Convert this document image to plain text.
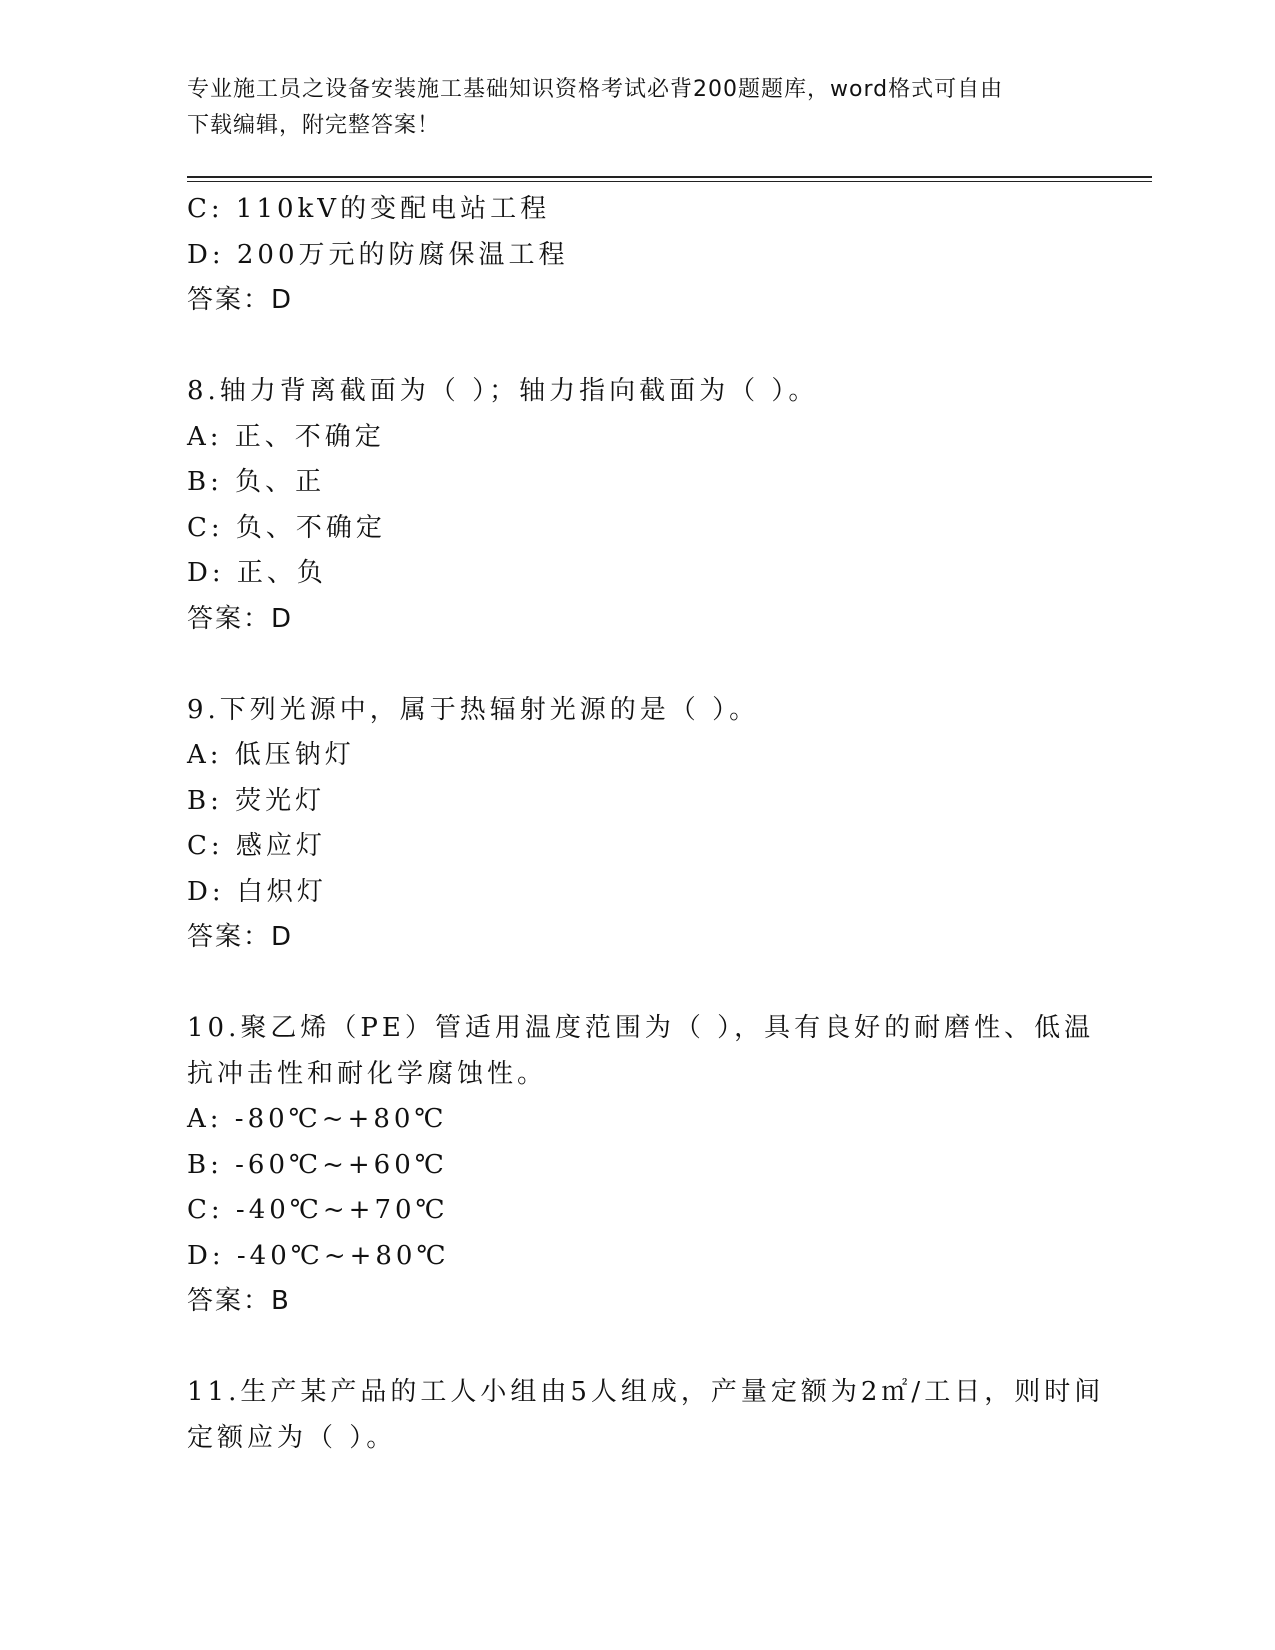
专业施工员之设备安装施工基础知识资格考试必背200题题库，word格式可自由
下载编辑，附完整答案！
C: 110kV的变配电站工程
D: 200万元的防腐保温工程
答案：D
8.轴力背离截面为（ ）；轴力指向截面为（ ）。
A: 正、不确定
B: 负、正
C: 负、不确定
D: 正、负
答案：D
9.下列光源中，属于热辐射光源的是（ ）。
A: 低压钠灯
B: 荧光灯
C: 感应灯
D: 白炽灯
答案：D
10.聚乙烯（PE）管适用温度范围为（ ），具有良好的耐磨性、低温
抗冲击性和耐化学腐蚀性。
A: -80℃~+80℃
B: -60℃~+60℃
C: -40℃~+70℃
D: -40℃~+80℃
答案：B
11.生产某产品的工人小组由5人组成，产量定额为2㎡/工日，则时间
定额应为（ ）。
